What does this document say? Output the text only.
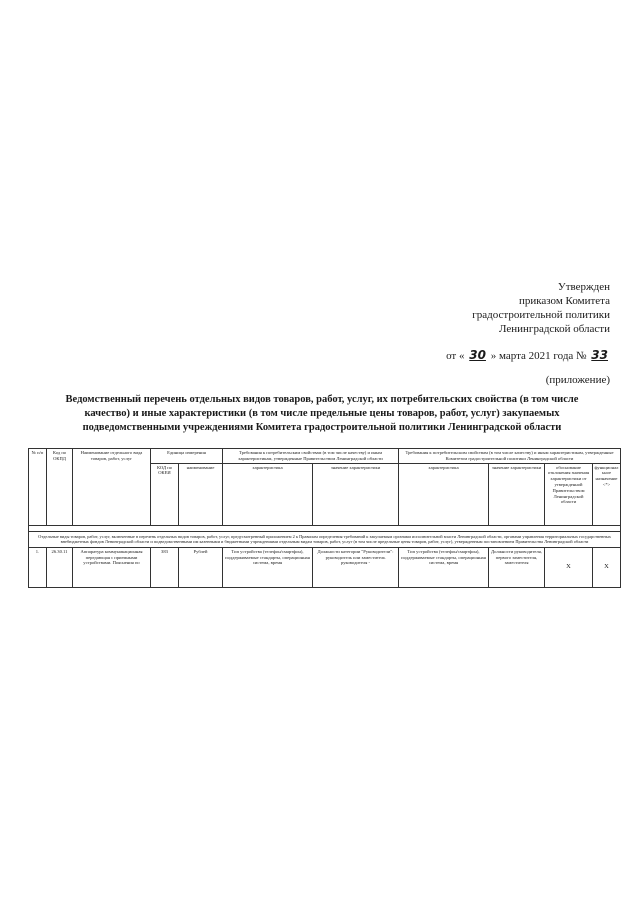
Утвержден
приказом Комитета
градостроительной политики
Ленинградской области
от « 30 » марта 2021 года № 33
(приложение)
Ведомственный перечень отдельных видов товаров, работ, услуг, их потребительских свойства (в том числе качество) и иные характеристики (в том числе предельные цены товаров, работ, услуг) закупаемых подведомственными учреждениями Комитета градостроительной политики Ленинградской области
№ п/п	Код по ОКПД	Наименование отдельного вида товаров, работ, услуг	Единица измерения		Требования к потребительским свойствам (в том числе качеству) и иным характеристикам, утвержденные Правительством Ленинградской области		Требования к потребительским свойствам (в том числе качеству) и иным характеристикам, утвержденные Комитетом градостроительной политики Ленинградской области			
			КОД по ОКЕИ	наименование	характеристика	значение характеристики	характеристика	значение характеристики	обоснование отклонения значения характеристики от утвержденной Правительством Ленинградской области	функциональное назначение <*>

Отдельные виды товаров, работ, услуг, включенные в перечень отдельных видов товаров, работ, услуг, предусмотренный приложением 2 к Правилам определения требований к закупаемым органами исполнительной власти Ленинградской области, органами управления территориальных государственных внебюджетных фондов Ленинградской области и подведомственными им казенными и бюджетными учреждениями отдельным видам товаров, работ, услуг (в том числе предельные цены товаров, работ, услуг), утвержденным постановлением Правительства Ленинградской области										
1.	26.30.11	Аппаратура коммуникационная передающая с приемными устройствами. Пояснения по	383	Рублей	Тип устройства (телефон/смартфон), поддерживаемые стандарты, операционная система, время	Должности категории "Руководители": руководитель или заместитель руководителя -	Тип устройства (телефон/смартфон), поддерживаемые стандарты, операционная система, время	Должности руководителя, первого заместителя, заместителя	X	X
